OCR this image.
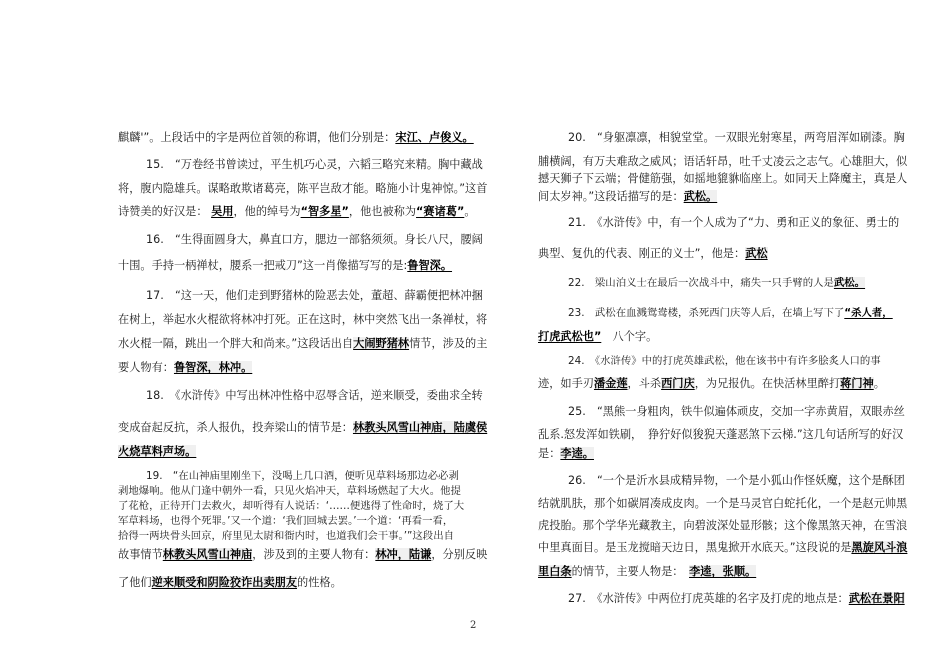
麒麟'”。上段话中的字是两位首领的称谓，他们分别是：宋江、卢俊义。
15.　“万卷经书曾读过，平生机巧心灵，六韬三略究来精。胸中藏战
将，腹内隐雄兵。谋略敢欺诸葛亮，陈平岂敌才能。略施小计鬼神惊。”这首
诗赞美的好汉是： 吴用，他的绰号为“智多星”，他也被称为“赛诸葛”。
16.　“生得面圆身大，鼻直口方，腮边一部貉须须。身长八尺，腰阔
十围。手持一柄禅杖，腰系一把戒刀”这一肖像描写写的是:鲁智深。
17.　“这一天，他们走到野猪林的险恶去处，董超、薛霸便把林冲捆
在树上，举起水火棍欲将林冲打死。正在这时，林中突然飞出一条禅杖，将
水火棍一隔，跳出一个胖大和尚来。”这段话出自大闹野猪林情节，涉及的主
要人物有：鲁智深，林冲。
18.　《水浒传》中写出林冲性格中忍辱含话，逆来顺受，委曲求全转
变成奋起反抗，杀人报仇，投奔梁山的情节是：林教头风雪山神庙，陆虞侯
火烧草料声场。
19.　“在山神庙里刚坐下，没喝上几口酒，便听见草料场那边必必剥
剥地爆响。他从门逢中朝外一看，只见火焰冲天，草料场燃起了大火。他提
了花枪，正待开门去救火，却听得有人说话：‘……便逃得了性命时，烧了大
军草料场，也得个死罪。’又一个道：‘我们回城去罢。’一个道：‘再看一看，
拾得一两块骨头回京，府里见太尉和衙内时，也道我们会干事。’”这段出自
故事情节林教头风雪山神庙，涉及到的主要人物有：林冲，陆谦，分别反映
了他们逆来顺受和阴险狡诈出卖朋友的性格。
20.　“身躯凛凛，相貌堂堂。一双眼光射寒星，两弯眉浑如刷漆。胸
脯横阔，有万夫难敌之威风；语话轩昂，吐千丈凌云之志气。心雄胆大，似
撼天狮子下云端；骨健筋强，如摇地貔貅临座上。如同天上降魔主，真是人
间太岁神。”这段话描写的是：武松。
21.　《水浒传》中，有一个人成为了“力、勇和正义的象征、勇士的
典型、复仇的代表、刚正的义士”，他是：武松
22.　梁山泊义士在最后一次战斗中，痛失一只手臂的人是武松。
23.　武松在血溅鸳鸯楼，杀死西门庆等人后，在墙上写下了“杀人者，
打虎武松也”　 八个字。
24.　《水浒传》中的打虎英雄武松，他在该书中有许多脍炙人口的事
迹，如手刃潘金莲，斗杀西门庆，为兄报仇。在快活林里醉打蒋门神。
25.　“黑熊一身粗肉，铁牛似遍体顽皮，交加一字赤黄眉，双眼赤丝
乱系.怒发浑如铁刷，　狰狞好似狻猊天蓬恶煞下云梯.”这几句话所写的好汉
是：李逵。
26.　“一个是沂水县成精异物，一个是小狐山作怪妖魔，这个是酥团
结就肌肤，那个如碳屑凑成皮肉。一个是马灵官白蛇托化，一个是赵元帅黑
虎投胎。那个学华光藏教主，向碧波深处显形骸；这个像黑煞天神，在雪浪
中里真面目。是玉龙搅暗天边日，黑鬼掀开水底天。”这段说的是黑旋风斗浪
里白条的情节，主要人物是：　 李逵，张顺。
27.　《水浒传》中两位打虎英雄的名字及打虎的地点是：武松在景阳
2
